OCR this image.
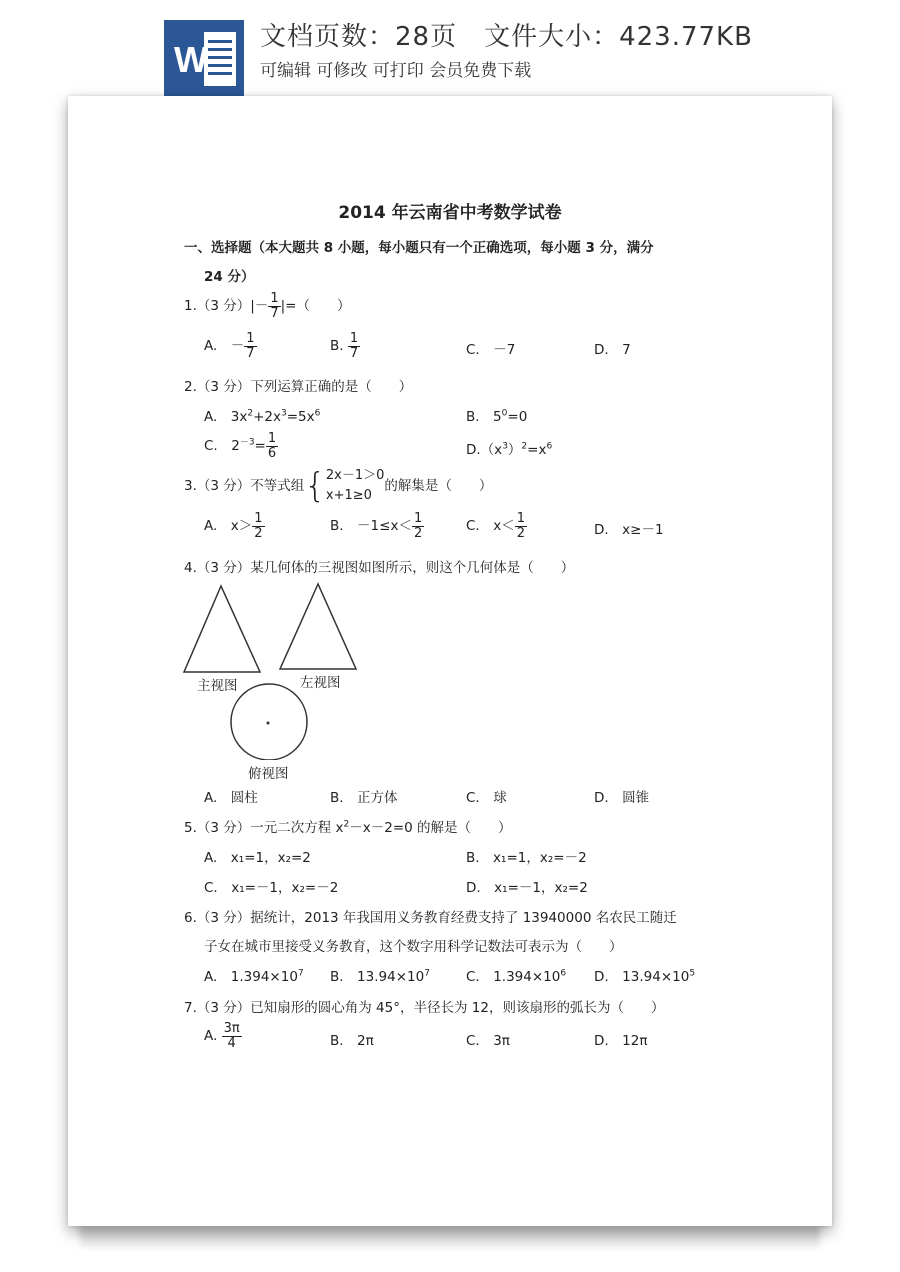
W
文档页数：28页　文件大小：423.77KB
可编辑 可修改 可打印 会员免费下载
2014 年云南省中考数学试卷
一、选择题（本大题共 8 小题，每小题只有一个正确选项，每小题 3 分，满分
24 分）
1.（3 分）|－ $\frac{1}{7}$ |=（　　）
A.　－ $\frac{1}{7}$	B. $\frac{1}{7}$	C.　－7	D.　7
2.（3 分）下列运算正确的是（　　）
A.　$3x^2+2x^3=5x^6$	B.　$5^0=0$
C.　$2^{-3}= \frac{1}{6}$	$D.(x^3)^2=x^6$
3.（3 分）不等式组{ 2x－1＞0
x+1≥0
的解集是（　　）
A.　$x> \frac{1}{2}$	B.　$-1\le x< \frac{1}{2}$	C.　$x< \frac{1}{2}$	D.　x≥－1
4.（3 分）某几何体的三视图如图所示，则这个几何体是（　　）
主视图	左视图
俯视图
A.　圆柱	B.　正方体	C.　球	D.　圆锥
5.（3 分）一元二次方程 $x^2-x-2=0$ 的解是（　　）
A.　x₁=1，x₂=2	B.　x₁=1，x₂=－2
C.　x₁=－1，x₂=－2	D.　x₁=－1，x₂=2
6.（3 分）据统计，2013 年我国用义务教育经费支持了 13940000 名农民工随迁
子女在城市里接受义务教育，这个数字用科学记数法可表示为（　　）
A.　$1.394\times 10^7$ B.　$13.94\times 10^7$	C.　$1.394\times 10^6$ D.　$13.94\times 10^5$
7.（3 分）已知扇形的圆心角为 45°，半径长为 12，则该扇形的弧长为（　　）
A. $\frac{3\pi}{4}$	B.　2π	C.　3π	D.　12π
